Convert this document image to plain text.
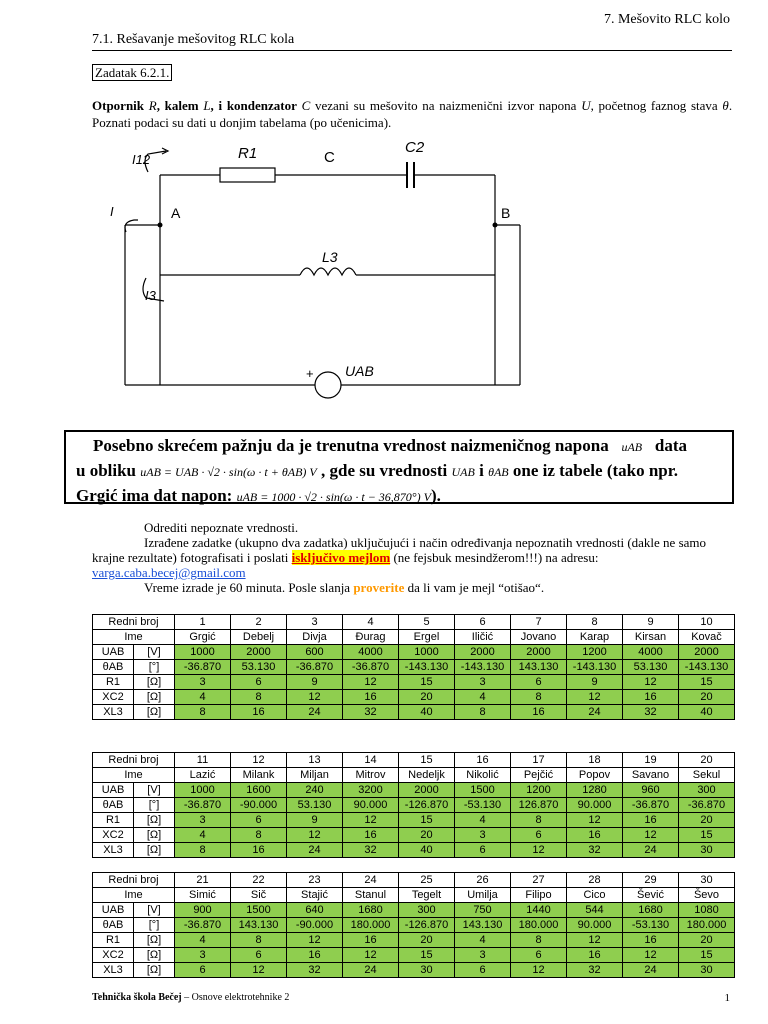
7. Mešovito RLC kolo
7.1. Rešavanje mešovitog RLC kola
Zadatak 6.2.1.

Otpornik R, kalem L, i kondenzator C vezani su mešovito na naizmenični izvor napona U, početnog faznog stava θ. Poznati podaci su dati u donjim tabelama (po učenicima).
I12
I
I3
R1	C
C2
A	B
L3
+ UAB
Posebno skrećem pažnju da je trenutna vrednost naizmeničnog napona uAB data
u obliku uAB = UAB · √2 · sin(ω · t + θAB) V , gde su vrednosti UAB i θAB one iz tabele (tako npr.
Grgić ima dat napon: uAB = 1000 · √2 · sin(ω · t − 36,870°) V).

Odrediti nepoznate vrednosti.

Izrađene zadatke (ukupno dva zadatka) uključujući i način određivanja nepoznatih vrednosti (dakle ne samo krajne rezultate) fotografisati i poslati isključivo mejlom (ne fejsbuk mesindžerom!!!) na adresu:
varga.caba.becej@gmail.com

Vreme izrade je 60 minuta. Posle slanja proverite da li vam je mejl “otišao“.

Redni broj		1	2	3	4	5	6	7	8	9	10
Ime		Grgić	Debelj	Divja	Đurag	Ergel	Iličić	Jovano	Karap	Kirsan	Kovač
UAB	[V]	1000	2000	600	4000	1000	2000	2000	1200	4000	2000
θAB	[°]	-36.870	53.130	-36.870	-36.870	-143.130	-143.130	143.130	-143.130	53.130	-143.130
R1	[Ω]	3	6	9	12	15	3	6	9	12	15
XC2	[Ω]	4	8	12	16	20	4	8	12	16	20
XL3	[Ω]	8	16	24	32	40	8	16	24	32	40
Redni broj		11	12	13	14	15	16	17	18	19	20
Ime		Lazić	Milank	Miljan	Mitrov	Nedeljk	Nikolić	Pejčić	Popov	Savano	Sekul
UAB	[V]	1000	1600	240	3200	2000	1500	1200	1280	960	300
θAB	[°]	-36.870	-90.000	53.130	90.000	-126.870	-53.130	126.870	90.000	-36.870	-36.870
R1	[Ω]	3	6	9	12	15	4	8	12	16	20
XC2	[Ω]	4	8	12	16	20	3	6	16	12	15
XL3	[Ω]	8	16	24	32	40	6	12	32	24	30
Redni broj		21	22	23	24	25	26	27	28	29	30
Ime		Simić	Sič	Stajić	Stanul	Tegelt	Umilja	Filipo	Cico	Šević	Ševo
UAB	[V]	900	1500	640	1680	300	750	1440	544	1680	1080
θAB	[°]	-36.870	143.130	-90.000	180.000	-126.870	143.130	180.000	90.000	-53.130	180.000
R1	[Ω]	4	8	12	16	20	4	8	12	16	20
XC2	[Ω]	3	6	16	12	15	3	6	16	12	15
XL3	[Ω]	6	12	32	24	30	6	12	32	24	30
Tehnička škola Bečej – Osnove elektrotehnike 2	1
